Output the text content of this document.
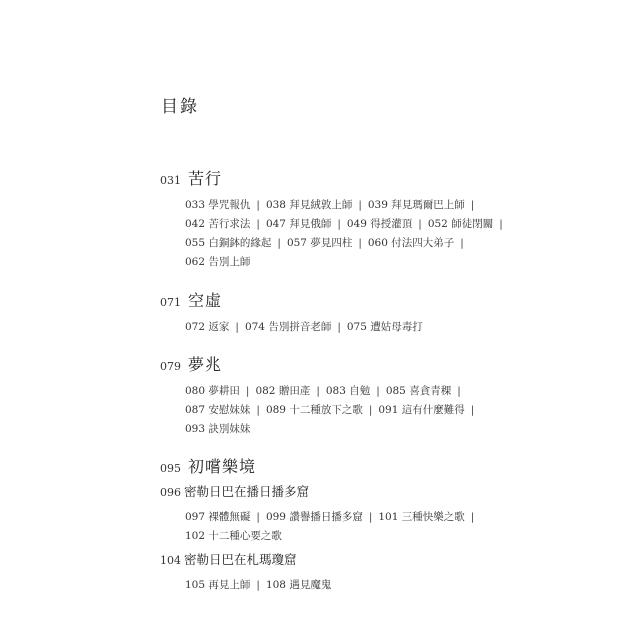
目錄
031 苦行
033 學咒報仇 | 038 拜見絨敦上師 | 039 拜見瑪爾巴上師 |
042 苦行求法 | 047 拜見俄師 | 049 得授灌頂 | 052 師徒閉關 |
055 白銅鉢的緣起 | 057 夢見四柱 | 060 付法四大弟子 |
062 告別上師
071 空虛
072 返家 | 074 告別拼音老師 | 075 遭姑母毒打
079 夢兆
080 夢耕田 | 082 贈田產 | 083 自勉 | 085 喜貪青稞 |
087 安慰妹妹 | 089 十二種放下之歌 | 091 這有什麼難得 |
093 訣別妹妹
095 初嚐樂境
096 密勒日巴在播日播多窟
097 裸體無礙 | 099 讚譽播日播多窟 | 101 三種快樂之歌 |
102 十二種心要之歌
104 密勒日巴在札瑪瓊窟
105 再見上師 | 108 遇見魔鬼
